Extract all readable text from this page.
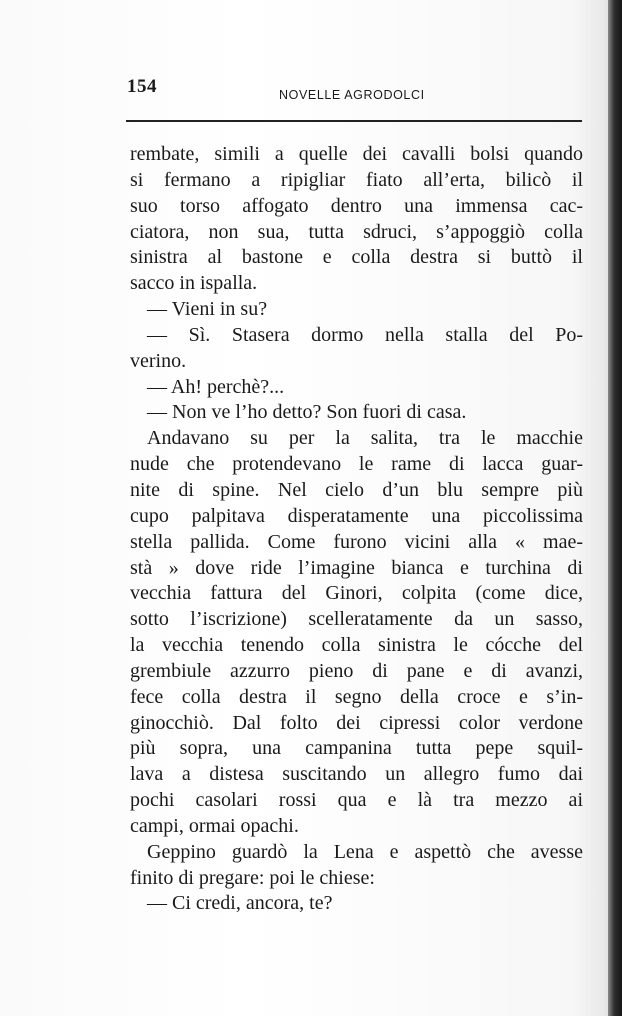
154	NOVELLE AGRODOLCI
rembate, simili a quelle dei cavalli bolsi quando
si fermano a ripigliar fiato all’erta, bilicò il
suo torso affogato dentro una immensa cac-
ciatora, non sua, tutta sdruci, s’appoggiò colla
sinistra al bastone e colla destra si buttò il
sacco in ispalla.
— Vieni in su?
— Sì. Stasera dormo nella stalla del Po-
verino.
— Ah! perchè?...
— Non ve l’ho detto? Son fuori di casa.
Andavano su per la salita, tra le macchie
nude che protendevano le rame di lacca guar-
nite di spine. Nel cielo d’un blu sempre più
cupo palpitava disperatamente una piccolissima
stella pallida. Come furono vicini alla « mae-
stà » dove ride l’imagine bianca e turchina di
vecchia fattura del Ginori, colpita (come dice,
sotto l’iscrizione) scelleratamente da un sasso,
la vecchia tenendo colla sinistra le cócche del
grembiule azzurro pieno di pane e di avanzi,
fece colla destra il segno della croce e s’in-
ginocchiò. Dal folto dei cipressi color verdone
più sopra, una campanina tutta pepe squil-
lava a distesa suscitando un allegro fumo dai
pochi casolari rossi qua e là tra mezzo ai
campi, ormai opachi.
Geppino guardò la Lena e aspettò che avesse
finito di pregare: poi le chiese:
— Ci credi, ancora, te?
